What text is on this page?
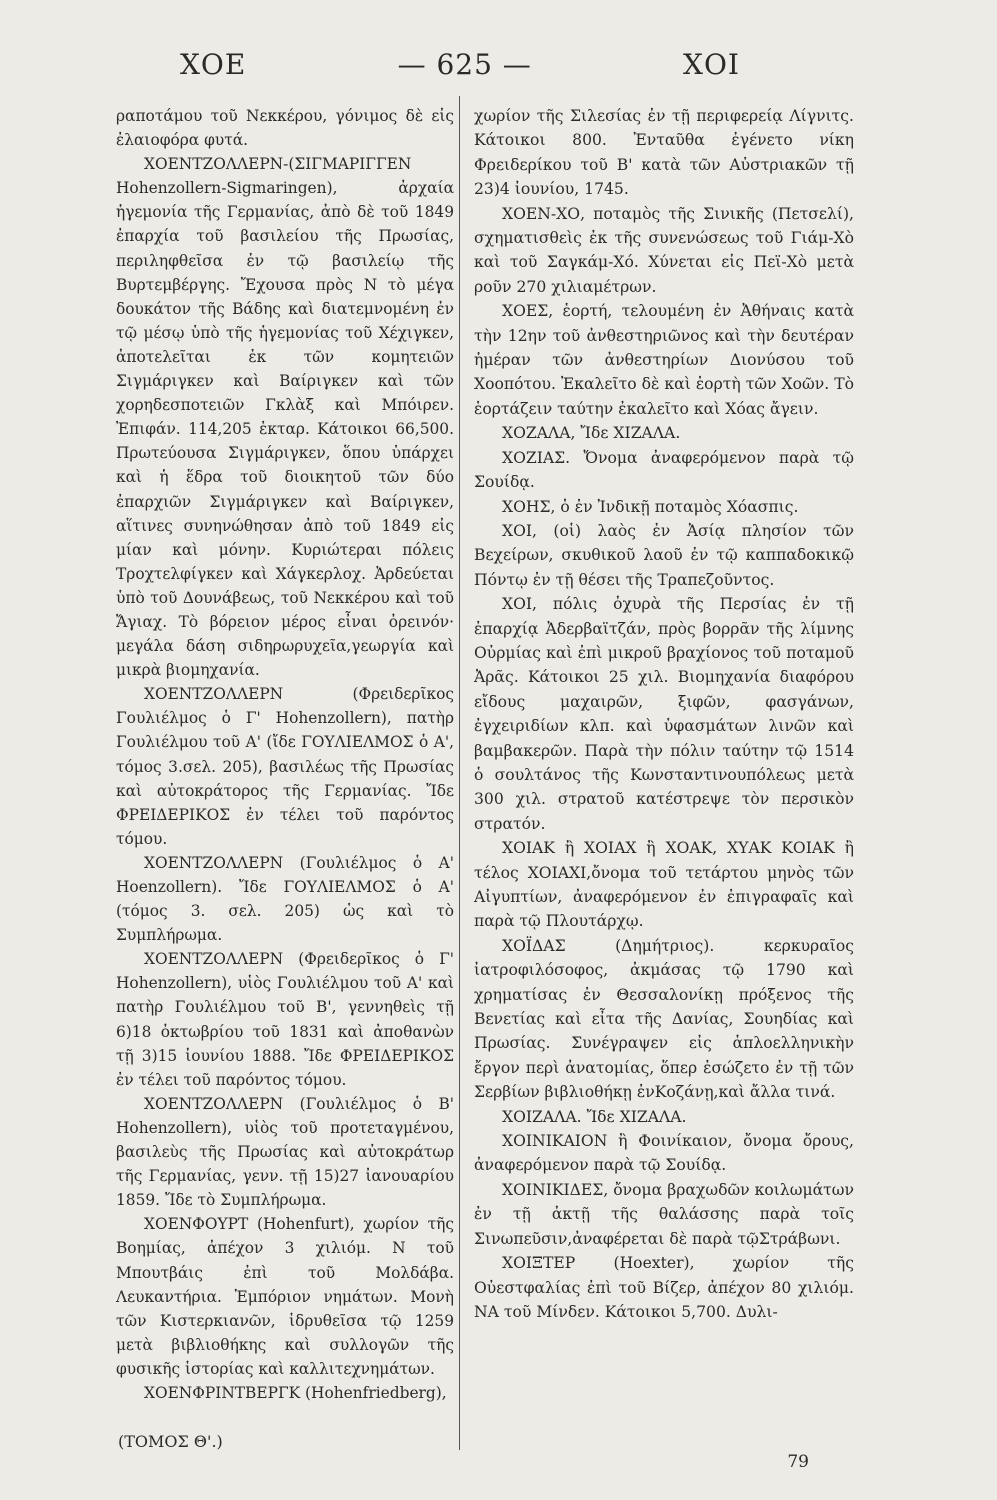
ΧΟΕ	— 625 —	ΧΟΙ

ραποτάμου τοῦ Νεκκέρου, γόνιμος δὲ εἰς ἐλαιοφόρα φυτά.

ΧΟΕΝΤΖΟΛΛΕΡΝ-(ΣΙΓΜΑΡΙΓΓΕΝ Hohenzollern-Sigmaringen), ἀρχαία ἡγεμονία τῆς Γερμανίας, ἀπὸ δὲ τοῦ 1849 ἐπαρχία τοῦ βασιλείου τῆς Πρωσίας, περιληφθεῖσα ἐν τῷ βασιλείῳ τῆς Βυρτεμβέργης. Ἔχουσα πρὸς Ν τὸ μέγα δουκάτον τῆς Βάδης καὶ διατεμνομένη ἐν τῷ μέσῳ ὑπὸ τῆς ἡγεμονίας τοῦ Χέχιγκεν, ἀποτελεῖται ἐκ τῶν κομητειῶν Σιγμάριγκεν καὶ Βαίριγκεν καὶ τῶν χορηδεσποτειῶν Γκλὰξ καὶ Μπόιρεν. Ἐπιφάν. 114,205 ἑκταρ. Κάτοικοι 66,500. Πρωτεύουσα Σιγμάριγκεν, ὅπου ὑπάρχει καὶ ἡ ἕδρα τοῦ διοικητοῦ τῶν δύο ἐπαρχιῶν Σιγμάριγκεν καὶ Βαίριγκεν, αἵτινες συνηνώθησαν ἀπὸ τοῦ 1849 εἰς μίαν καὶ μόνην. Κυριώτεραι πόλεις Τροχτελφίγκεν καὶ Χάγκερλοχ. Ἀρδεύεται ὑπὸ τοῦ Δουνάβεως, τοῦ Νεκκέρου καὶ τοῦ Ἄγιαχ. Τὸ βόρειον μέρος εἶναι ὀρεινόν· μεγάλα δάση σιδηρωρυχεῖα,γεωργία καὶ μικρὰ βιομηχανία.

ΧΟΕΝΤΖΟΛΛΕΡΝ (Φρειδερῖκος Γουλιέλμος ὁ Γ' Hohenzollern), πατὴρ Γουλιέλμου τοῦ Α' (ἴδε ΓΟΥΛΙΕΛΜΟΣ ὁ Α', τόμος 3.σελ. 205), βασιλέως τῆς Πρωσίας καὶ αὐτοκράτορος τῆς Γερμανίας. Ἴδε ΦΡΕΙΔΕΡΙΚΟΣ ἐν τέλει τοῦ παρόντος τόμου.

ΧΟΕΝΤΖΟΛΛΕΡΝ (Γουλιέλμος ὁ Α' Hoenzollern). Ἴδε ΓΟΥΛΙΕΛΜΟΣ ὁ Α' (τόμος 3. σελ. 205) ὡς καὶ τὸ Συμπλήρωμα.

ΧΟΕΝΤΖΟΛΛΕΡΝ (Φρειδερῖκος ὁ Γ' Hohenzollern), υἱὸς Γουλιέλμου τοῦ Α' καὶ πατὴρ Γουλιέλμου τοῦ Β', γεννηθεὶς τῇ 6)18 ὀκτωβρίου τοῦ 1831 καὶ ἀποθανὼν τῇ 3)15 ἰουνίου 1888. Ἴδε ΦΡΕΙΔΕΡΙΚΟΣ ἐν τέλει τοῦ παρόντος τόμου.

ΧΟΕΝΤΖΟΛΛΕΡΝ (Γουλιέλμος ὁ Β' Hohenzollern), υἱὸς τοῦ προτεταγμένου, βασιλεὺς τῆς Πρωσίας καὶ αὐτοκράτωρ τῆς Γερμανίας, γενν. τῇ 15)27 ἰανουαρίου 1859. Ἴδε τὸ Συμπλήρωμα.

ΧΟΕΝΦΟΥΡΤ (Hohenfurt), χωρίον τῆς Βοημίας, ἀπέχον 3 χιλιόμ. Ν τοῦ Μπουτβάις ἐπὶ τοῦ Μολδάβα. Λευκαντήρια. Ἐμπόριον νημάτων. Μονὴ τῶν Κιστερκιανῶν, ἱδρυθεῖσα τῷ 1259 μετὰ βιβλιοθήκης καὶ συλλογῶν τῆς φυσικῆς ἱστορίας καὶ καλλιτεχνημάτων.

ΧΟΕΝΦΡΙΝΤΒΕΡΓΚ (Hohenfriedberg),

χωρίον τῆς Σιλεσίας ἐν τῇ περιφερείᾳ Λίγνιτς. Κάτοικοι 800. Ἐνταῦθα ἐγένετο νίκη Φρειδερίκου τοῦ Β' κατὰ τῶν Αὐστριακῶν τῇ 23)4 ἰουνίου, 1745.

ΧΟΕΝ-ΧΟ, ποταμὸς τῆς Σινικῆς (Πετσελί), σχηματισθεὶς ἐκ τῆς συνενώσεως τοῦ Γιάμ-Χὸ καὶ τοῦ Σαγκάμ-Χό. Χύνεται εἰς Πεϊ-Χὸ μετὰ ροῦν 270 χιλιαμέτρων.

ΧΟΕΣ, ἑορτή, τελουμένη ἐν Ἀθήναις κατὰ τὴν 12ην τοῦ ἀνθεστηριῶνος καὶ τὴν δευτέραν ἡμέραν τῶν ἀνθεστηρίων Διονύσου τοῦ Χοοπότου. Ἐκαλεῖτο δὲ καὶ ἑορτὴ τῶν Χοῶν. Τὸ ἑορτάζειν ταύτην ἐκαλεῖτο καὶ Χόας ἄγειν.

ΧΟΖΑΛΑ, Ἴδε ΧΙΖΑΛΑ.

ΧΟΖΙΑΣ. Ὄνομα ἀναφερόμενον παρὰ τῷ Σουίδᾳ.

ΧΟΗΣ, ὁ ἐν Ἰνδικῇ ποταμὸς Χόασπις.

ΧΟΙ, (οἱ) λαὸς ἐν Ἀσίᾳ πλησίον τῶν Βεχείρων, σκυθικοῦ λαοῦ ἐν τῷ καππαδοκικῷ Πόντῳ ἐν τῇ θέσει τῆς Τραπεζοῦντος.

ΧΟΙ, πόλις ὀχυρὰ τῆς Περσίας ἐν τῇ ἐπαρχίᾳ Ἀδερβαϊτζάν, πρὸς βορρᾶν τῆς λίμνης Οὐρμίας καὶ ἐπὶ μικροῦ βραχίονος τοῦ ποταμοῦ Ἀρᾶς. Κάτοικοι 25 χιλ. Βιομηχανία διαφόρου εἴδους μαχαιρῶν, ξιφῶν, φασγάνων, ἐγχειριδίων κλπ. καὶ ὑφασμάτων λινῶν καὶ βαμβακερῶν. Παρὰ τὴν πόλιν ταύτην τῷ 1514 ὁ σουλτάνος τῆς Κωνσταντινουπόλεως μετὰ 300 χιλ. στρατοῦ κατέστρεψε τὸν περσικὸν στρατόν.

ΧΟΙΑΚ ἢ ΧΟΙΑΧ ἢ ΧΟΑΚ, ΧΥΑΚ ΚΟΙΑΚ ἢ τέλος ΧΟΙΑΧΙ,ὄνομα τοῦ τετάρτου μηνὸς τῶν Αἰγυπτίων, ἀναφερόμενον ἐν ἐπιγραφαῖς καὶ παρὰ τῷ Πλουτάρχῳ.

ΧΟΪΔΑΣ (Δημήτριος). κερκυραῖος ἰατροφιλόσοφος, ἀκμάσας τῷ 1790 καὶ χρηματίσας ἐν Θεσσαλονίκῃ πρόξενος τῆς Βενετίας καὶ εἶτα τῆς Δανίας, Σουηδίας καὶ Πρωσίας. Συνέγραψεν εἰς ἁπλοελληνικὴν ἔργον περὶ ἀνατομίας, ὅπερ ἐσώζετο ἐν τῇ τῶν Σερβίων βιβλιοθήκῃ ἐνΚοζάνῃ,καὶ ἄλλα τινά.

ΧΟΙΖΑΛΑ. Ἴδε ΧΙΖΑΛΑ.

ΧΟΙΝΙΚΑΙΟΝ ἢ Φοινίκαιον, ὄνομα ὄρους, ἀναφερόμενον παρὰ τῷ Σουίδᾳ.

ΧΟΙΝΙΚΙΔΕΣ, ὄνομα βραχωδῶν κοιλωμάτων ἐν τῇ ἀκτῇ τῆς θαλάσσης παρὰ τοῖς Σινωπεῦσιν,ἀναφέρεται δὲ παρὰ τῷΣτράβωνι.

ΧΟΙΞΤΕΡ (Hoexter), χωρίον τῆς Οὐεστφαλίας ἐπὶ τοῦ Βίζερ, ἀπέχον 80 χιλιόμ. ΝΑ τοῦ Μίνδεν. Κάτοικοι 5,700. Δυλι-

(ΤΟΜΟΣ Θ'.)
79
